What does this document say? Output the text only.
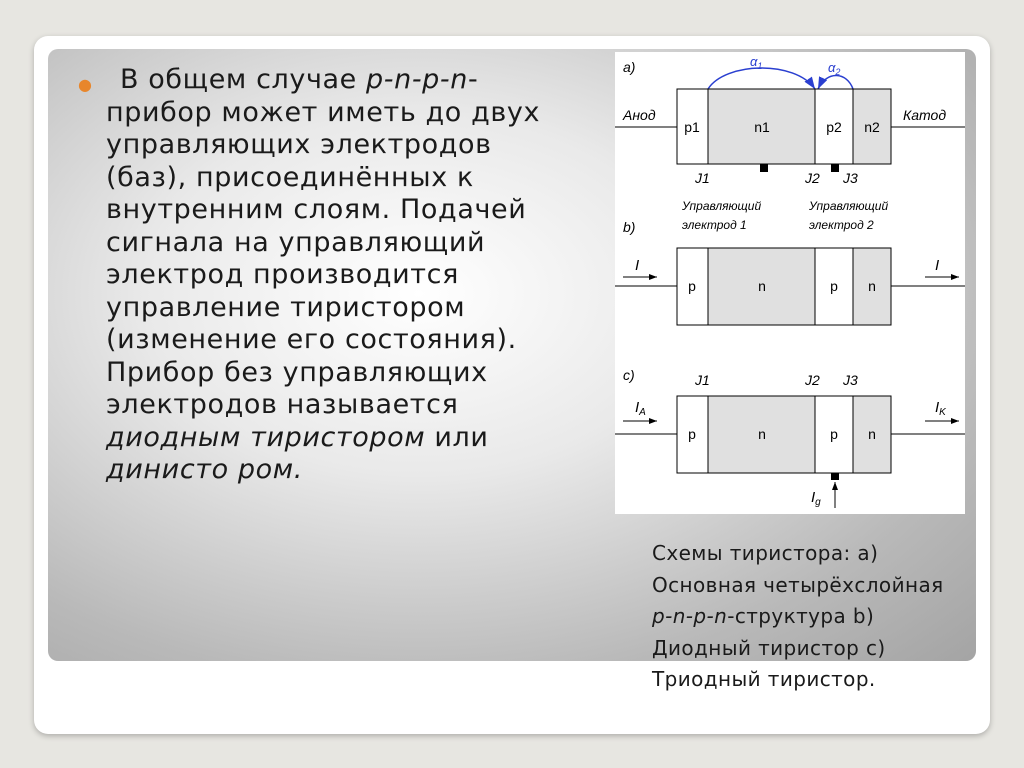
●	В общем случае p-n-p-n-прибор может иметь до двух управляющих электродов (баз), присоединённых к внутренним слоям. Подачей сигнала на управляющий электрод производится управление тиристором (изменение его состояния). Прибор без управляющих электродов называется диодным тиристором или динисто ром.
a)	$\alpha_1$	$\alpha_2$
Анод	Катод
p1	n1	p2 n2
J1	J2 J3
Управляющий
электрод 1
Управляющий
электрод 2
b)
I	I
p	n	p n
c)	J1	J2 J3
$I_A$	$I_K$
p	n	p n
$I_g$
Схемы тиристора: a) Основная четырёхслойная p-n-p-n-структура b) Диодный тиристор c) Триодный тиристор.
